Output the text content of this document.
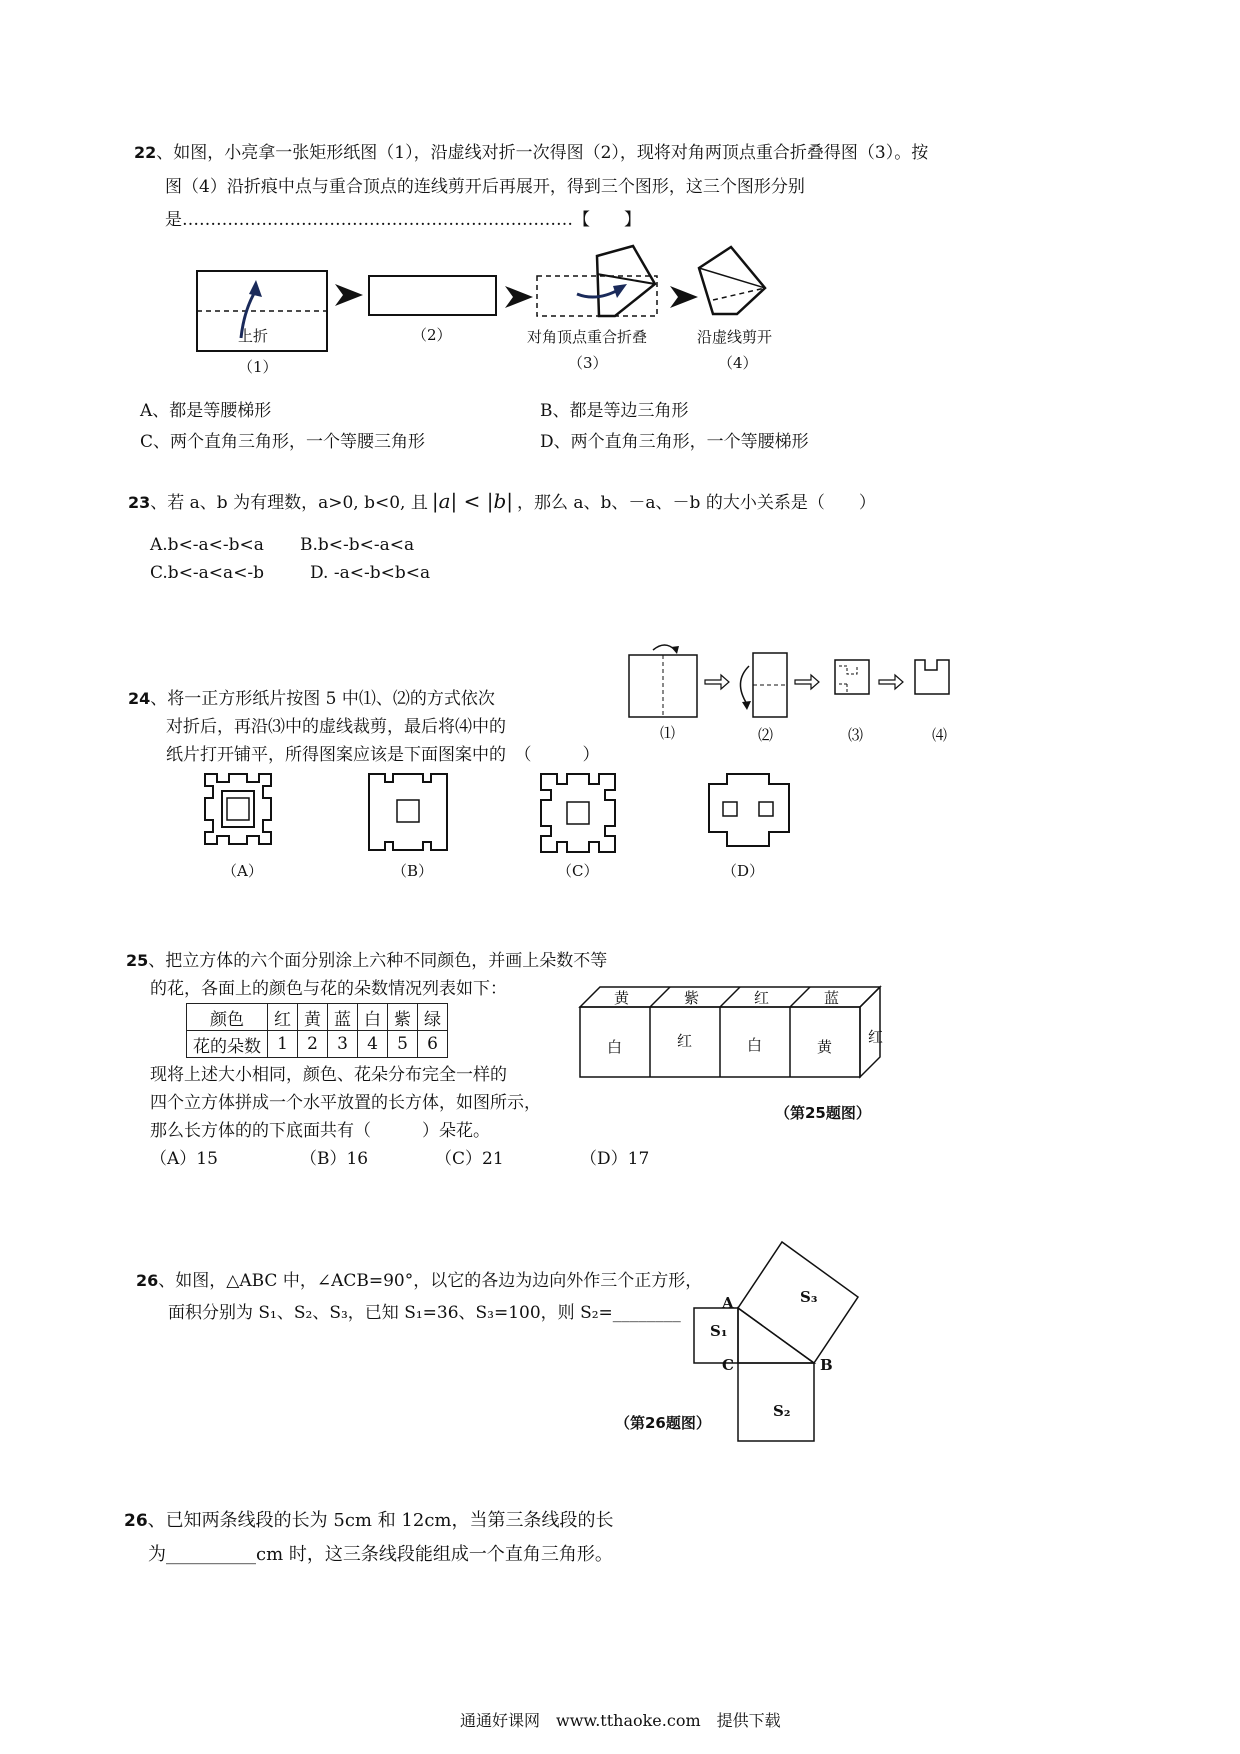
22、如图，小亮拿一张矩形纸图（1），沿虚线对折一次得图（2），现将对角两顶点重合折叠得图（3）。按
图（4）沿折痕中点与重合顶点的连线剪开后再展开，得到三个图形，这三个图形分别
是……………………………………………………………【　　】
上折
（1）
（2）	对角顶点重合折叠
（3）
沿虚线剪开
（4）
A、都是等腰梯形	B、都是等边三角形
C、两个直角三角形，一个等腰三角形	D、两个直角三角形，一个等腰梯形
23、若 a、b 为有理数，a>0, b<0, 且 |a| < |b| ，那么 a、b、－a、－b 的大小关系是（　　）
A.b<-a<-b<a B.b<-b<-a<a
C.b<-a<a<-b	D. -a<-b<b<a
24、将一正方形纸片按图 5 中⑴、⑵的方式依次
对折后，再沿⑶中的虚线裁剪，最后将⑷中的
纸片打开铺平，所得图案应该是下面图案中的　（　　　）
⑴	⑵	⑶	⑷
（A）	（B）	（C）	（D）
25、把立方体的六个面分别涂上六种不同颜色，并画上朵数不等
的花，各面上的颜色与花的朵数情况列表如下：
颜色	红	黄	蓝	白	紫	绿
花的朵数	1	2	3	4	5	6
现将上述大小相同，颜色、花朵分布完全一样的
四个立方体拼成一个水平放置的长方体，如图所示，
那么长方体的的下底面共有（　　　）朵花。
（A）15	（B）16	（C）21	（D）17
黄	紫	红	蓝
白	红	白	黄
红
（第25题图）
26、如图，△ABC 中，∠ACB=90°，以它的各边为边向外作三个正方形，
面积分别为 S₁、S₂、S₃，已知 S₁=36、S₃=100，则 S₂=________	A
C	B
S₁
S₂
S₃
（第26题图）
26、已知两条线段的长为 5cm 和 12cm，当第三条线段的长
为__________cm 时，这三条线段能组成一个直角三角形。
通通好课网　www.tthaoke.com　提供下载
